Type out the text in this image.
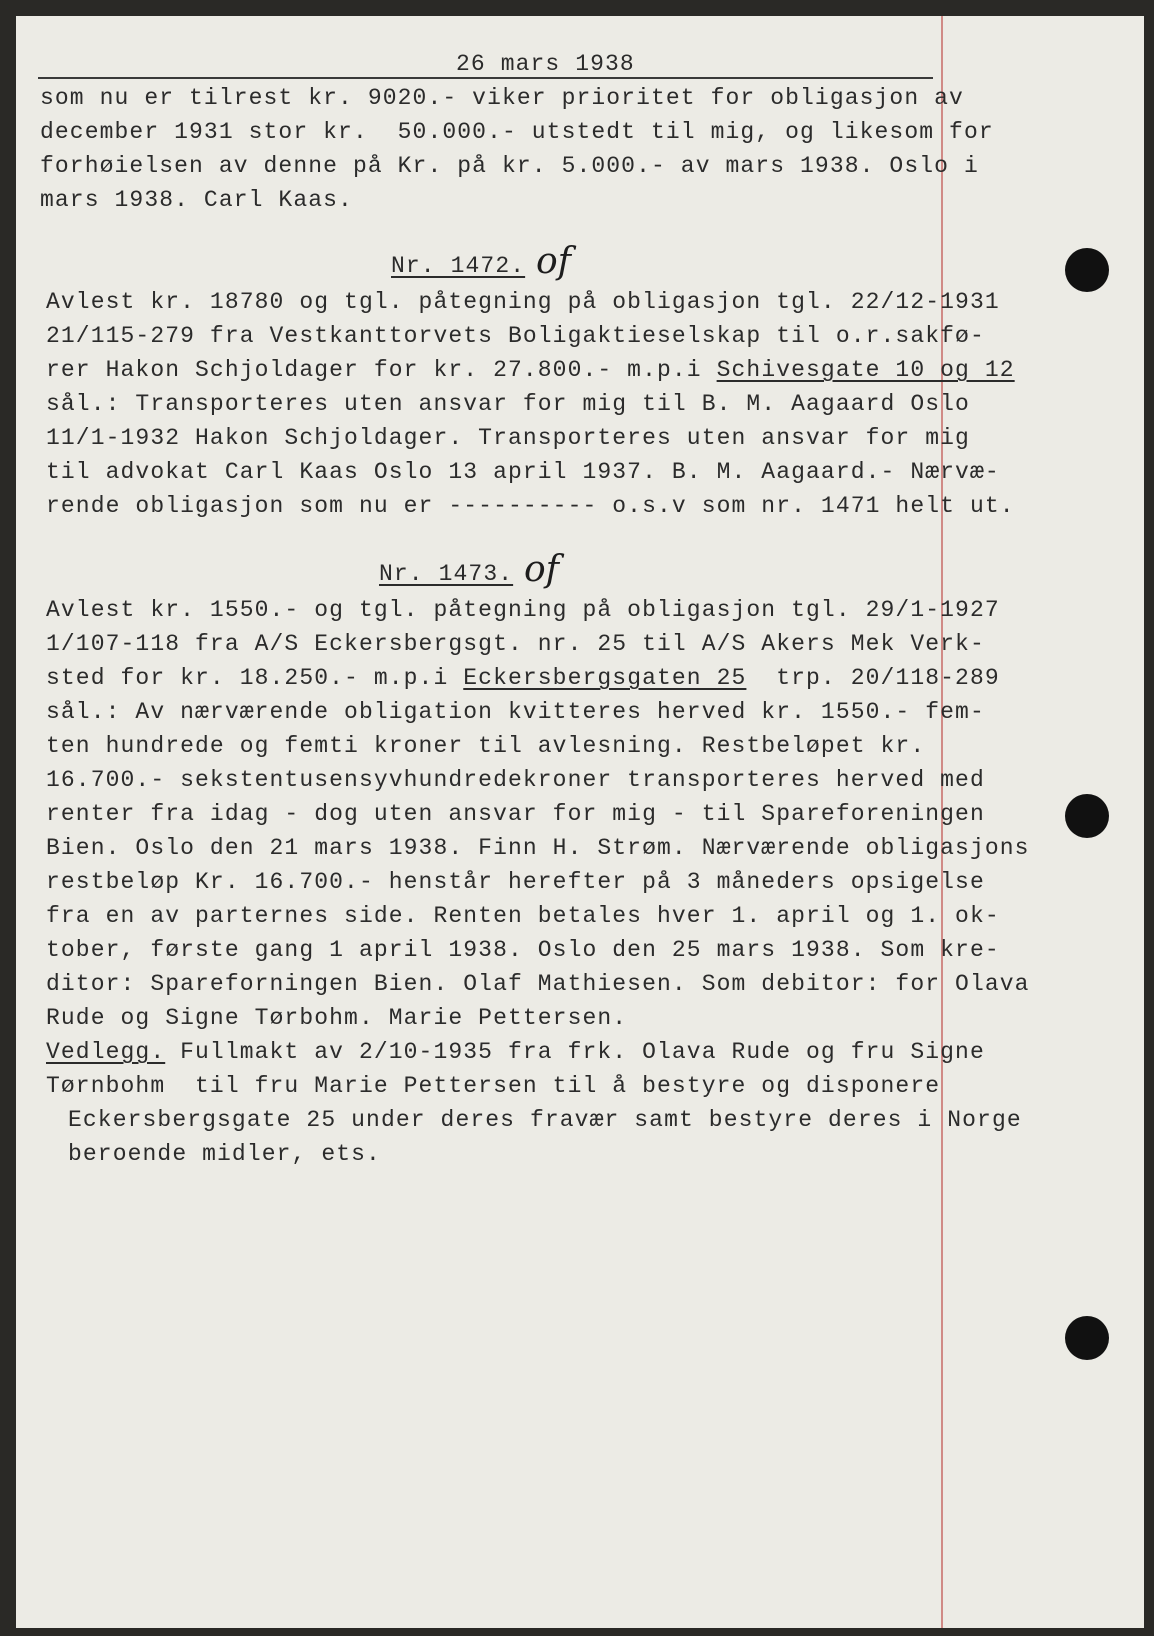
26 mars 1938

som nu er tilrest kr. 9020.- viker prioritet for obligasjon av

december 1931 stor kr.  50.000.- utstedt til mig, og likesom for

forhøielsen av denne på Kr. på kr. 5.000.- av mars 1938. Oslo i

mars 1938. Carl Kaas.

Nr. 1472. of

Avlest kr. 18780 og tgl. påtegning på obligasjon tgl. 22/12-1931

21/115-279 fra Vestkanttorvets Boligaktieselskap til o.r.sakfø-

rer Hakon Schjoldager for kr. 27.800.- m.p.i Schivesgate 10 og 12

sål.: Transporteres uten ansvar for mig til B. M. Aagaard Oslo

11/1-1932 Hakon Schjoldager. Transporteres uten ansvar for mig

til advokat Carl Kaas Oslo 13 april 1937. B. M. Aagaard.- Nærvæ-

rende obligasjon som nu er ---------- o.s.v som nr. 1471 helt ut.

Nr. 1473. of

Avlest kr. 1550.- og tgl. påtegning på obligasjon tgl. 29/1-1927

1/107-118 fra A/S Eckersbergsgt. nr. 25 til A/S Akers Mek Verk-

sted for kr. 18.250.- m.p.i Eckersbergsgaten 25  trp. 20/118-289

sål.: Av nærværende obligation kvitteres herved kr. 1550.- fem-

ten hundrede og femti kroner til avlesning. Restbeløpet kr.

16.700.- sekstentusensyvhundredekroner transporteres herved med

renter fra idag - dog uten ansvar for mig - til Spareforeningen

Bien. Oslo den 21 mars 1938. Finn H. Strøm. Nærværende obligasjons

restbeløp Kr. 16.700.- henstår herefter på 3 måneders opsigelse

fra en av parternes side. Renten betales hver 1. april og 1. ok-

tober, første gang 1 april 1938. Oslo den 25 mars 1938. Som kre-

ditor: Spareforningen Bien. Olaf Mathiesen. Som debitor: for Olava

Rude og Signe Tørbohm. Marie Pettersen.

Vedlegg. Fullmakt av 2/10-1935 fra frk. Olava Rude og fru Signe

Tørnbohm  til fru Marie Pettersen til å bestyre og disponere

Eckersbergsgate 25 under deres fravær samt bestyre deres i Norge

beroende midler, ets.
